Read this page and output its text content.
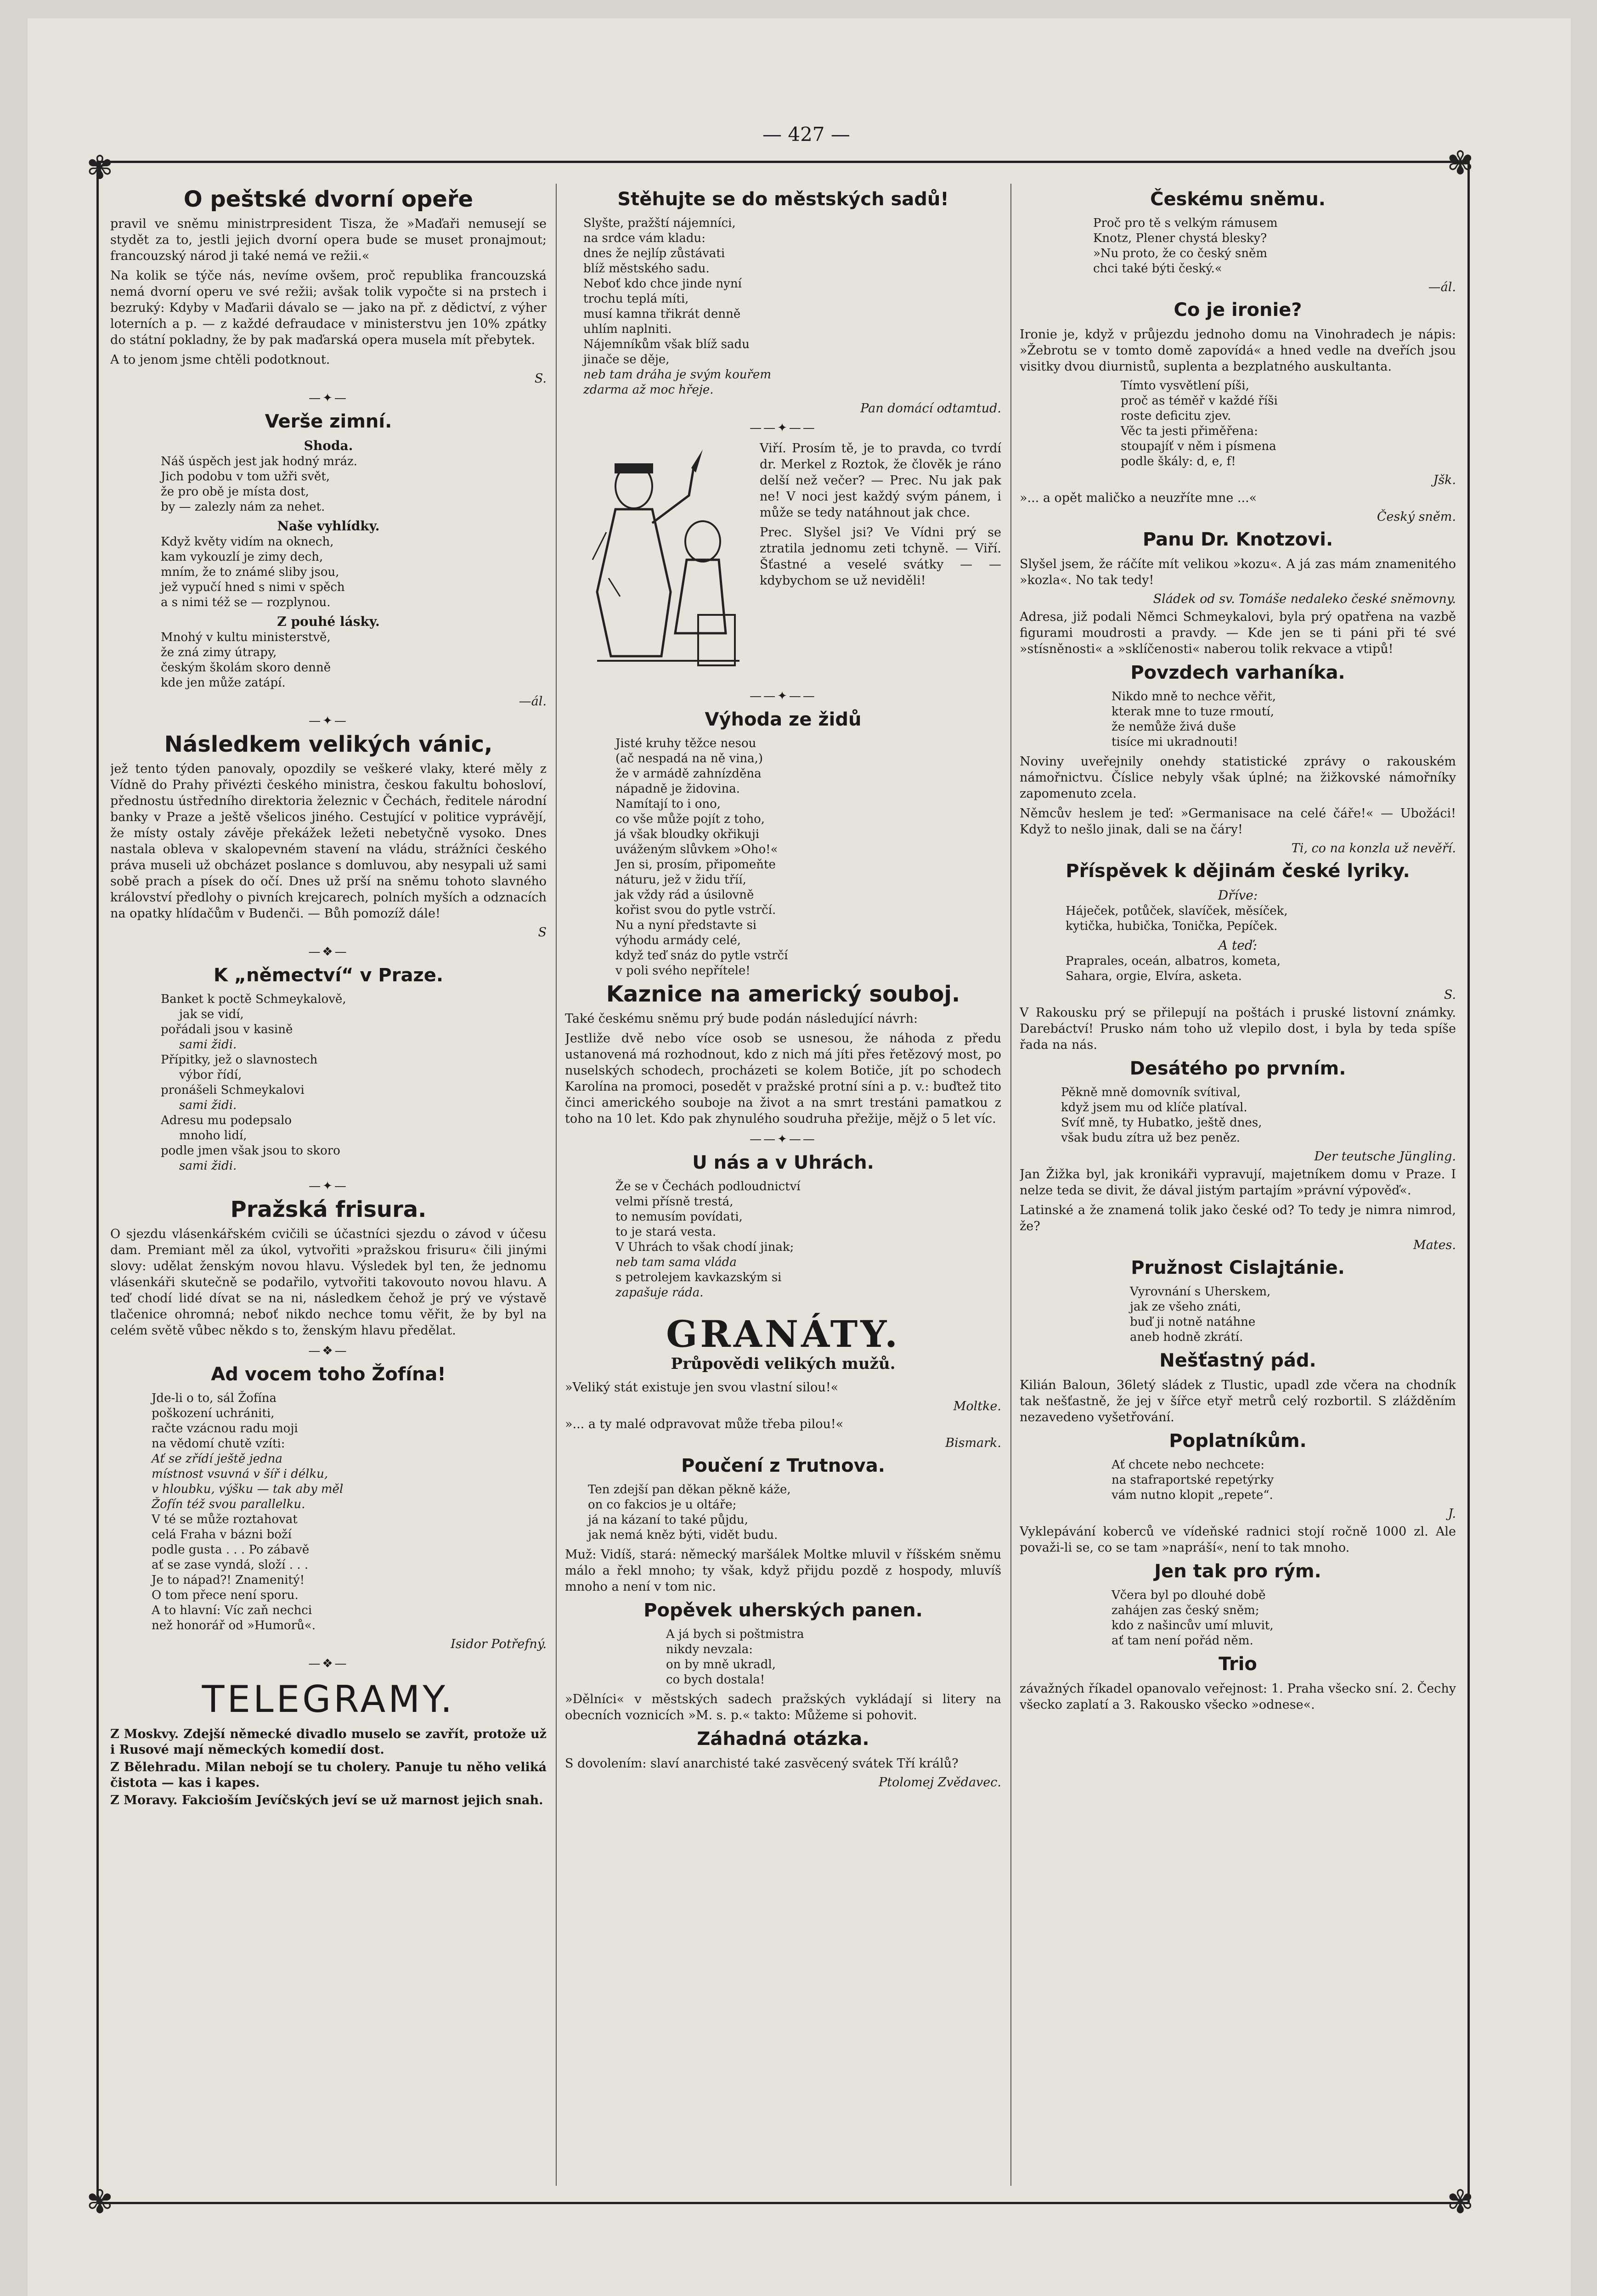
— 427 —
✾	✾
✾	✾
O peštské dvorní opeře

pravil ve sněmu ministrpresident Tisza, že »Maďaři nemusejí se stydět za to, jestli jejich dvorní opera bude se muset pronajmout; francouzský národ ji také nemá ve režii.«

Na kolik se týče nás, nevíme ovšem, proč republika francouzská nemá dvorní operu ve své režii; avšak tolik vypočte si na prstech i bezruký: Kdyby v Maďarii dávalo se — jako na př. z dědictví, z výher loterních a p. — z každé defraudace v ministerstvu jen 10% zpátky do státní pokladny, že by pak maďarská opera musela mít přebytek.

A to jenom jsme chtěli podotknout.

S.
—✦—
Verše zimní.
Shoda.
Náš úspěch jest jak hodný mráz.
Jich podobu v tom užři svět,
že pro obě je místa dost,
by — zalezly nám za nehet.
Naše vyhlídky.
Když květy vidím na oknech,
kam vykouzlí je zimy dech,
mním, že to známé sliby jsou,
jež vypučí hned s nimi v spěch
a s nimi též se — rozplynou.
Z pouhé lásky.
Mnohý v kultu ministerstvě,
že zná zimy útrapy,
českým školám skoro denně
kde jen může zatápí.
—ál.
—✦—
Následkem velikých vánic,

jež tento týden panovaly, opozdily se veškeré vlaky, které měly z Vídně do Prahy přivézti českého ministra, českou fakultu bohosloví, přednostu ústředního direktoria železnic v Čechách, ředitele národní banky v Praze a ještě všelicos jiného. Cestující v politice vyprávějí, že místy ostaly závěje překážek ležeti nebetyčně vysoko. Dnes nastala obleva v skalopevném stavení na vládu, strážníci českého práva museli už obcházet poslance s domluvou, aby nesypali už sami sobě prach a písek do očí. Dnes už prší na sněmu tohoto slavného království předlohy o pivních krejcarech, polních myších a odznacích na opatky hlídačům v Budenči. — Bůh pomozíž dále!

S
—❖—
K „němectví“ v Praze.
Banket k poctě Schmeykalově,
jak se vidí,
pořádali jsou v kasině
sami židi.
Přípitky, jež o slavnostech
výbor řídí,
pronášeli Schmeykalovi
sami židi.
Adresu mu podepsalo
mnoho lidí,
podle jmen však jsou to skoro
sami židi.
—✦—
Pražská frisura.

O sjezdu vlásenkářském cvičili se účastníci sjezdu o závod v účesu dam. Premiant měl za úkol, vytvořiti »pražskou frisuru« čili jinými slovy: udělat ženským novou hlavu. Výsledek byl ten, že jednomu vlásenkáři skutečně se podařilo, vytvořiti takovouto novou hlavu. A teď chodí lidé dívat se na ni, následkem čehož je prý ve výstavě tlačenice ohromná; neboť nikdo nechce tomu věřit, že by byl na celém světě vůbec někdo s to, ženským hlavu předělat.

—❖—
Ad vocem toho Žofína!
Jde-li o to, sál Žofína
poškození uchrániti,
račte vzácnou radu moji
na vědomí chutě vzíti:
Ať se zřídí ještě jedna
místnost vsuvná v šíř i délku,
v hloubku, výšku — tak aby měl
Žofín též svou parallelku.
V té se může roztahovat
celá Fraha v bázni boží
podle gusta . . . Po zábavě
ať se zase vyndá, složí . . .
Je to nápad?! Znamenitý!
O tom přece není sporu.
A to hlavní: Víc zaň nechci
než honorář od »Humorů«.
Isidor Potřefný.
—❖—
TELEGRAMY.

Z Moskvy. Zdejší německé divadlo muselo se zavřít, protože už i Rusové mají německých komedií dost.

Z Bělehradu. Milan nebojí se tu cholery. Panuje tu něho veliká čistota — kas i kapes.

Z Moravy. Fakcioším Jevíčských jeví se už marnost jejich snah.

Stěhujte se do městských sadů!
Slyšte, pražští nájemníci,
na srdce vám kladu:
dnes že nejlíp zůstávati
blíž městského sadu.
Neboť kdo chce jinde nyní
trochu teplá míti,
musí kamna třikrát denně
uhlím naplniti.
Nájemníkům však blíž sadu
jinače se děje,
neb tam dráha je svým kouřem
zdarma až moc hřeje.
Pan domácí odtamtud.
——✦——

Viří. Prosím tě, je to pravda, co tvrdí dr. Merkel z Roztok, že člověk je ráno delší než večer? — Prec. Nu jak pak ne! V noci jest každý svým pánem, i může se tedy natáhnout jak chce.

Prec. Slyšel jsi? Ve Vídni prý se ztratila jednomu zeti tchyně. — Viří. Šťastné a veselé svátky — — kdybychom se už neviděli!

——✦——
Výhoda ze židů
Jisté kruhy těžce nesou
(ač nespadá na ně vina,)
že v armádě zahnízděna
nápadně je židovina.
Namítají to i ono,
co vše může pojít z toho,
já však bloudky okřikuji
uváženým slůvkem »Oho!«
Jen si, prosím, připomeňte
náturu, jež v židu tříí,
jak vždy rád a úsilovně
kořist svou do pytle vstrčí.
Nu a nyní představte si
výhodu armády celé,
když teď snáz do pytle vstrčí
v poli svého nepřítele!
Kaznice na americký souboj.

Také českému sněmu prý bude podán následující návrh:

Jestliže dvě nebo více osob se usnesou, že náhoda z předu ustanovená má rozhodnout, kdo z nich má jíti přes řetězový most, po nuselských schodech, procházeti se kolem Botiče, jít po schodech Karolína na promoci, posedět v pražské protní síni a p. v.: buďtež tito činci amerického souboje na život a na smrt trestáni pamatkou z toho na 10 let. Kdo pak zhynulého soudruha přežije, mějž o 5 let víc.

——✦——
U nás a v Uhrách.
Že se v Čechách podloudnictví
velmi přísně trestá,
to nemusím povídati,
to je stará vesta.
V Uhrách to však chodí jinak;
neb tam sama vláda
s petrolejem kavkazským si
zapašuje ráda.
GRANÁTY.
Průpovědi velikých mužů.

»Veliký stát existuje jen svou vlastní silou!«

Moltke.

»... a ty malé odpravovat může třeba pilou!«

Bismark.
Poučení z Trutnova.
Ten zdejší pan děkan pěkně káže,
on co fakcios je u oltáře;
já na kázaní to také půjdu,
jak nemá kněz býti, vidět budu.

Muž: Vidíš, stará: německý maršálek Moltke mluvil v říšském sněmu málo a řekl mnoho; ty však, když přijdu pozdě z hospody, mluvíš mnoho a není v tom nic.

Popěvek uherských panen.
A já bych si poštmistra
nikdy nevzala:
on by mně ukradl,
co bych dostala!

»Dělníci« v městských sadech pražských vykládají si litery na obecních voznicích »M. s. p.« takto: Můžeme si pohovit.

Záhadná otázka.

S dovolením: slaví anarchisté také zasvěcený svátek Tří králů?

Ptolomej Zvědavec.
Českému sněmu.
Proč pro tě s velkým rámusem
Knotz, Plener chystá blesky?
»Nu proto, že co český sněm
chci také býti český.«
—ál.
Co je ironie?

Ironie je, když v průjezdu jednoho domu na Vinohradech je nápis: »Žebrotu se v tomto domě zapovídá« a hned vedle na dveřích jsou visitky dvou diurnistů, suplenta a bezplatného auskultanta.

Tímto vysvětlení píši,
proč as téměř v každé říši
roste deficitu zjev.
Věc ta jesti přiměřena:
stoupajíť v něm i písmena
podle škály: d, e, f!
Jšk.

»... a opět maličko a neuzříte mne ...«

Český sněm.
Panu Dr. Knotzovi.

Slyšel jsem, že ráčíte mít velikou »kozu«. A já zas mám znamenitého »kozla«. No tak tedy!

Sládek od sv. Tomáše nedaleko české sněmovny.

Adresa, již podali Němci Schmeykalovi, byla prý opatřena na vazbě figurami moudrosti a pravdy. — Kde jen se ti páni při té své »stísněnosti« a »sklíčenosti« naberou tolik rekvace a vtipů!

Povzdech varhaníka.
Nikdo mně to nechce věřit,
kterak mne to tuze rmoutí,
že nemůže živá duše
tisíce mi ukradnouti!

Noviny uveřejnily onehdy statistické zprávy o rakouském námořnictvu. Číslice nebyly však úplné; na žižkovské námořníky zapomenuto zcela.

Němcův heslem je teď: »Germanisace na celé čáře!« — Ubožáci! Když to nešlo jinak, dali se na čáry!

Ti, co na konzla už nevěří.
Příspěvek k dějinám české lyriky.
Dříve:
Háječek, potůček, slavíček, měsíček,
kytička, hubička, Tonička, Pepíček.
A teď:
Praprales, oceán, albatros, kometa,
Sahara, orgie, Elvíra, asketa.
S.

V Rakousku prý se přilepují na poštách i pruské listovní známky. Darebáctví! Prusko nám toho už vlepilo dost, i byla by teda spíše řada na nás.

Desátého po prvním.
Pěkně mně domovník svítival,
když jsem mu od klíče platíval.
Svíť mně, ty Hubatko, ještě dnes,
však budu zítra už bez peněz.
Der teutsche Jüngling.

Jan Žižka byl, jak kronikáři vypravují, majetníkem domu v Praze. I nelze teda se divit, že dával jistým partajím »právní výpověď«.

Latinské a že znamená tolik jako české od? To tedy je nimra nimrod, že?

Mates.
Pružnost Cislajtánie.
Vyrovnání s Uherskem,
jak ze všeho znáti,
buď ji notně natáhne
aneb hodně zkrátí.
Nešťastný pád.

Kilián Baloun, 36letý sládek z Tlustic, upadl zde včera na chodník tak nešťastně, že jej v šířce etyř metrů celý rozbortil. S zlážděním nezavedeno vyšetřování.

Poplatníkům.
Ať chcete nebo nechcete:
na stafraportské repetýrky
vám nutno klopit „repete“.
J.

Vyklepávání koberců ve vídeňské radnici stojí ročně 1000 zl. Ale považi-li se, co se tam »napráší«, není to tak mnoho.

Jen tak pro rým.
Včera byl po dlouhé době
zahájen zas český sněm;
kdo z našincův umí mluvit,
ať tam není pořád něm.
Trio

závažných říkadel opanovalo veřejnost: 1. Praha všecko sní. 2. Čechy všecko zaplatí a 3. Rakousko všecko »odnese«.
